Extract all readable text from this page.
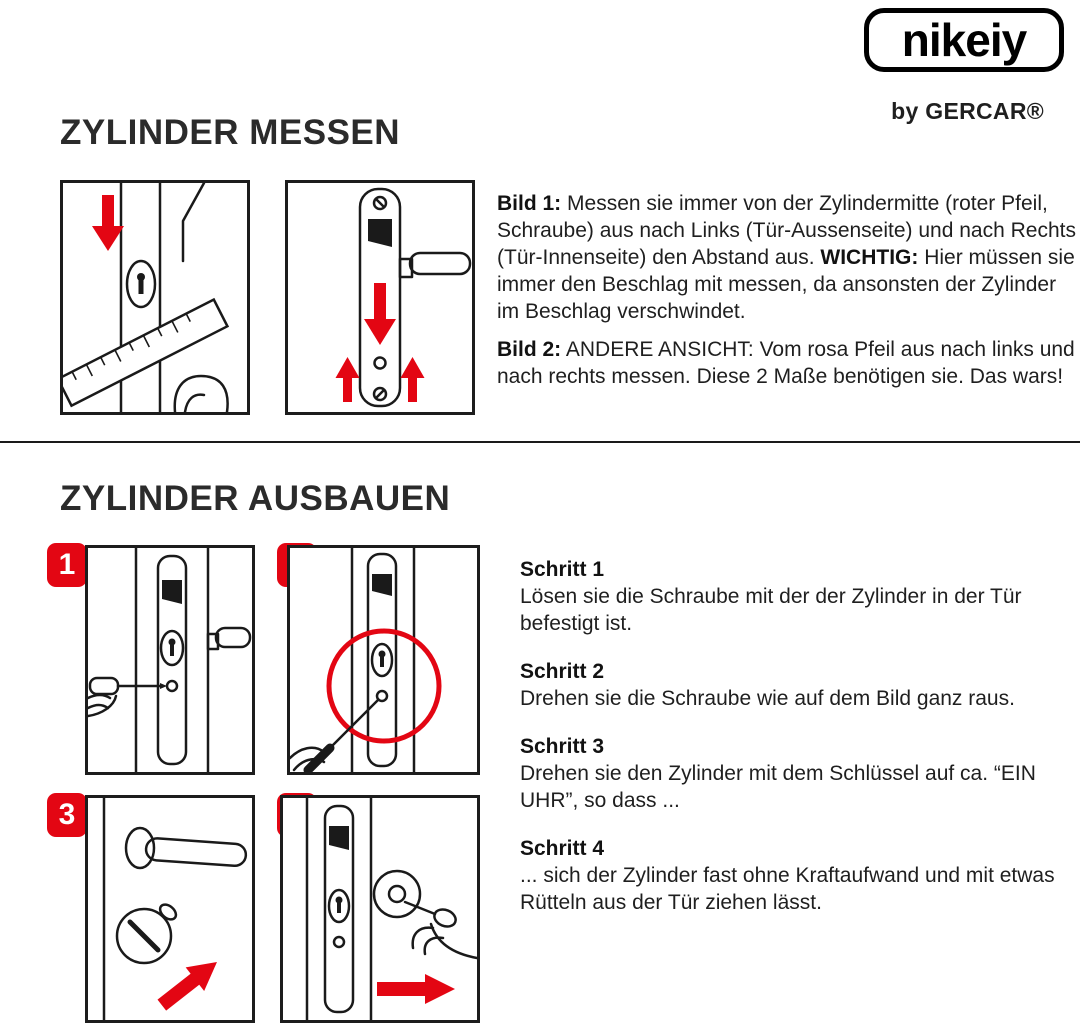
nikeiy
by GERCAR®
ZYLINDER MESSEN

Bild 1: Messen sie immer von der Zylindermitte (roter Pfeil, Schraube) aus nach Links (Tür-Aussenseite) und nach Rechts (Tür-Innenseite) den Abstand aus. WICHTIG: Hier müssen sie immer den Beschlag mit messen, da ansonsten der Zylinder im Beschlag verschwindet.

Bild 2: ANDERE ANSICHT: Vom rosa Pfeil aus nach links und nach rechts messen. Diese 2 Maße benötigen sie. Das wars!

ZYLINDER AUSBAUEN
1
3
Schritt 1
Lösen sie die Schraube mit der der Zylinder in der Tür befestigt ist.
Schritt 2
Drehen sie die Schraube wie auf dem Bild ganz raus.
Schritt 3
Drehen sie den Zylinder mit dem Schlüssel auf ca. “EIN UHR”, so dass ...
Schritt 4
... sich der Zylinder fast ohne Kraftaufwand und mit etwas Rütteln aus der Tür ziehen lässt.
